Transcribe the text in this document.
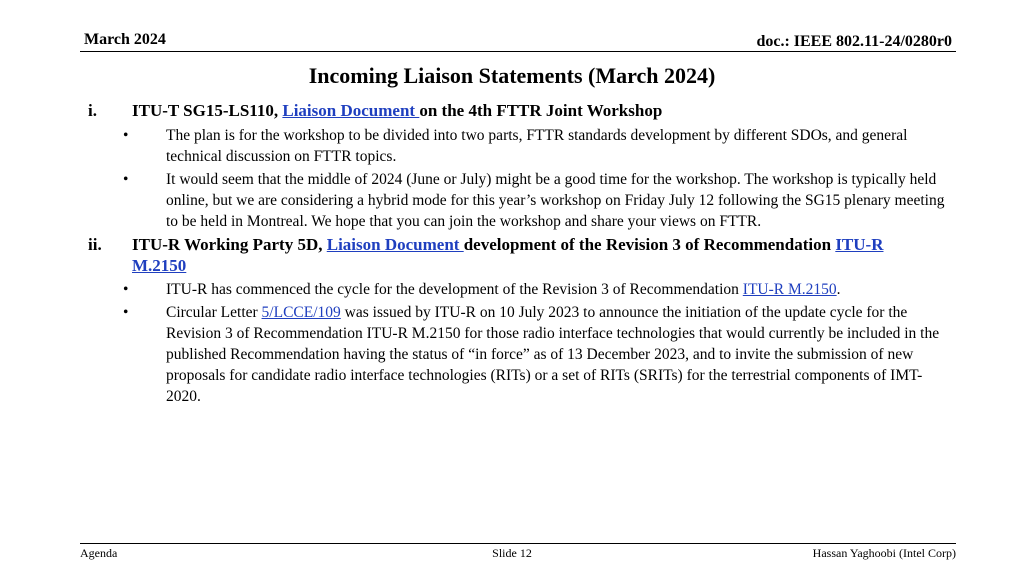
March 2024	doc.: IEEE 802.11-24/0280r0
Incoming Liaison Statements (March 2024)
i. ITU-T SG15-LS110, Liaison Document on the 4th FTTR Joint Workshop
• The plan is for the workshop to be divided into two parts, FTTR standards development by different SDOs, and general technical discussion on FTTR topics.
• It would seem that the middle of 2024 (June or July) might be a good time for the workshop. The workshop is typically held online, but we are considering a hybrid mode for this year’s workshop on Friday July 12 following the SG15 plenary meeting to be held in Montreal. We hope that you can join the workshop and share your views on FTTR.
ii. ITU-R Working Party 5D, Liaison Document development of the Revision 3 of Recommendation ITU-R M.2150
• ITU-R has commenced the cycle for the development of the Revision 3 of Recommendation ITU-R M.2150.
• Circular Letter 5/LCCE/109 was issued by ITU-R on 10 July 2023 to announce the initiation of the update cycle for the Revision 3 of Recommendation ITU-R M.2150 for those radio interface technologies that would currently be included in the published Recommendation having the status of “in force” as of 13 December 2023, and to invite the submission of new proposals for candidate radio interface technologies (RITs) or a set of RITs (SRITs) for the terrestrial components of IMT-2020.
Agenda	Slide 12	Hassan Yaghoobi (Intel Corp)
